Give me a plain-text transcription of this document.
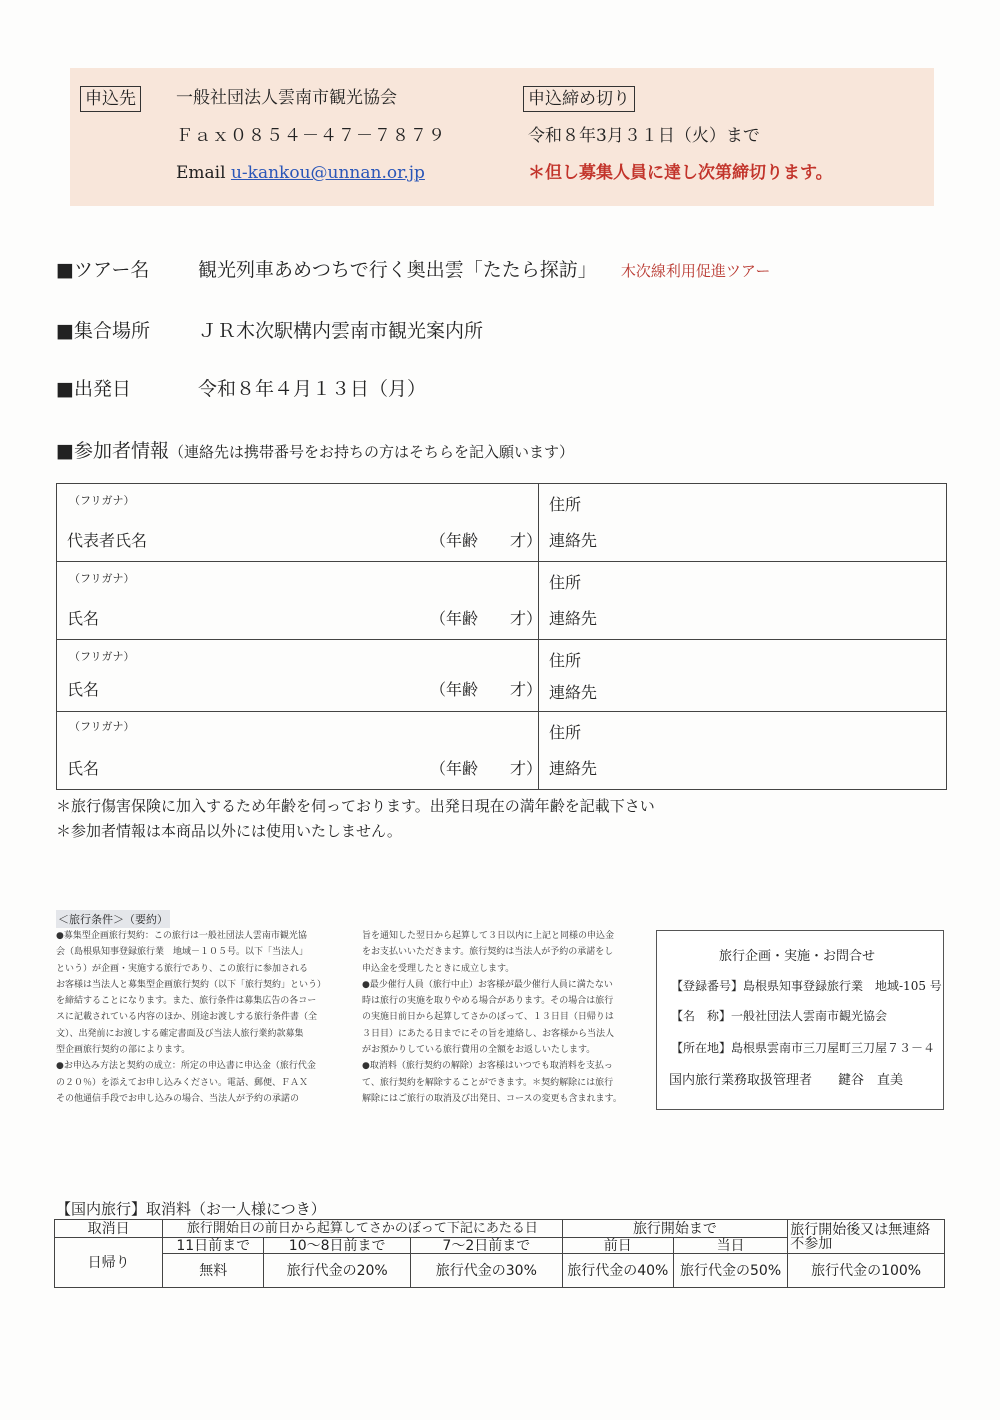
申込先 一般社団法人雲南市観光協会
Ｆａｘ０８５４－４７－７８７９
Email u-kankou@unnan.or.jp
申込締め切り
令和８年3月３１日（火）まで
＊但し募集人員に達し次第締切ります。
■ツアー名	観光列車あめつちで行く奥出雲「たたら探訪」 木次線利用促進ツアー
■集合場所	ＪＲ木次駅構内雲南市観光案内所
■出発日	令和８年４月１３日（月）
■参加者情報（連絡先は携帯番号をお持ちの方はそちらを記入願います）
（フリガナ）
代表者氏名 （年齢　　才）	住所
連絡先

（フリガナ）
氏名 （年齢　　才）	住所
連絡先

（フリガナ）
氏名 （年齢　　才）	住所
連絡先

（フリガナ）
氏名 （年齢　　才）	住所
連絡先
＊旅行傷害保険に加入するため年齢を伺っております。出発日現在の満年齢を記載下さい
＊参加者情報は本商品以外には使用いたしません。
＜旅行条件＞（要約）
●募集型企画旅行契約：この旅行は一般社団法人雲南市観光協
会（島根県知事登録旅行業　地域－１０５号。以下「当法人」
という）が企画・実施する旅行であり、この旅行に参加される
お客様は当法人と募集型企画旅行契約（以下「旅行契約」という）
を締結することになります。また、旅行条件は募集広告の各コー
スに記載されている内容のほか、別途お渡しする旅行条件書（全
文）、出発前にお渡しする確定書面及び当法人旅行業約款募集
型企画旅行契約の部によります。
●お申込み方法と契約の成立：所定の申込書に申込金（旅行代金
の２０％）を添えてお申し込みください。電話、郵便、ＦＡＸ
その他通信手段でお申し込みの場合、当法人が予約の承諾の
旨を通知した翌日から起算して３日以内に上記と同様の申込金
をお支払いいただきます。旅行契約は当法人が予約の承諾をし
申込金を受理したときに成立します。
●最少催行人員（旅行中止）お客様が最少催行人員に満たない
時は旅行の実施を取りやめる場合があります。その場合は旅行
の実施日前日から起算してさかのぼって、１３日目（日帰りは
３日目）にあたる日までにその旨を連絡し、お客様から当法人
がお預かりしている旅行費用の全額をお返しいたします。
●取消料（旅行契約の解除）お客様はいつでも取消料を支払っ
て、旅行契約を解除することができます。＊契約解除には旅行
解除にはご旅行の取消及び出発日、コースの変更も含まれます。
旅行企画・実施・お問合せ
【登録番号】島根県知事登録旅行業　地域-105 号
【名　称】一般社団法人雲南市観光協会
【所在地】島根県雲南市三刀屋町三刀屋７３－４
国内旅行業務取扱管理者　　鍵谷　直美
【国内旅行】取消料（お一人様につき）
取消日	旅行開始日の前日から起算してさかのぼって下記にあたる日			旅行開始まで		旅行開始後又は無連絡不参加
日帰り	11日前まで	10～8日前まで	7～2日前まで	前日	当日	
	無料	旅行代金の20%	旅行代金の30%	旅行代金の40%	旅行代金の50%	旅行代金の100%
